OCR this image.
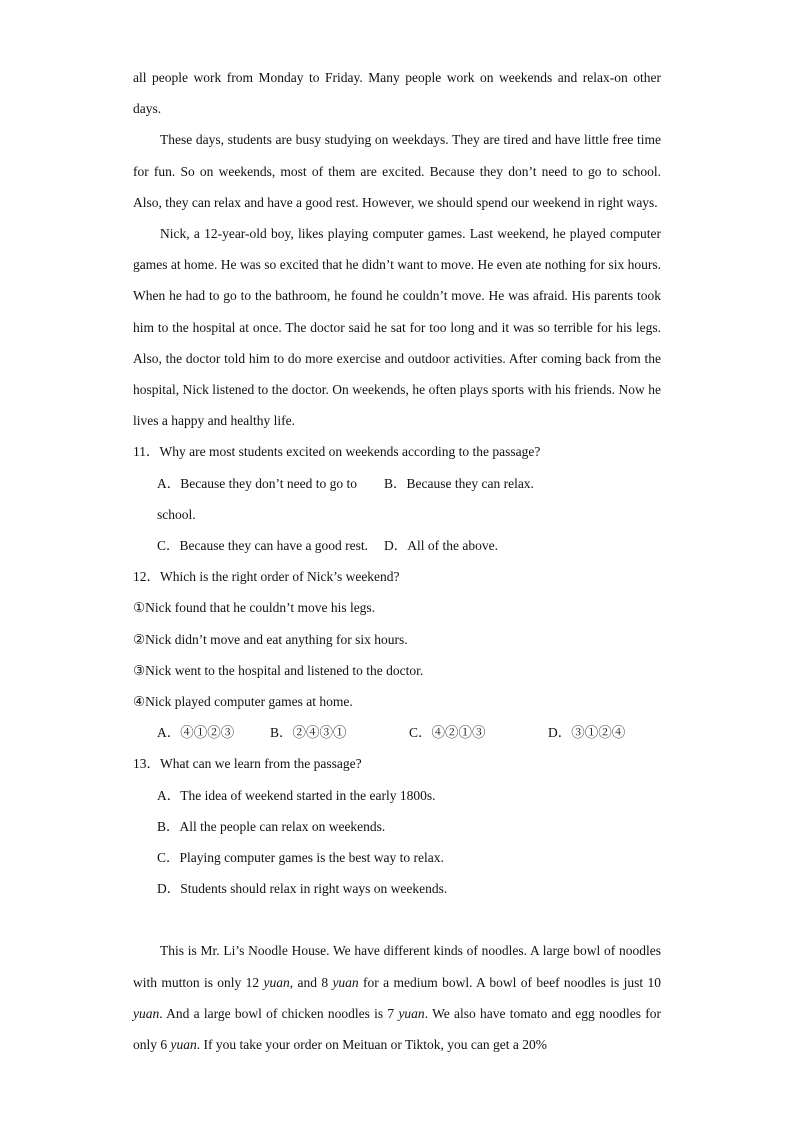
all people work from Monday to Friday. Many people work on weekends and relax-on other days.

These days, students are busy studying on weekdays. They are tired and have little free time for fun. So on weekends, most of them are excited. Because they don’t need to go to school. Also, they can relax and have a good rest. However, we should spend our weekend in right ways.

Nick, a 12-year-old boy, likes playing computer games. Last weekend, he played computer games at home. He was so excited that he didn’t want to move. He even ate nothing for six hours. When he had to go to the bathroom, he found he couldn’t move. He was afraid. His parents took him to the hospital at once. The doctor said he sat for too long and it was so terrible for his legs. Also, the doctor told him to do more exercise and outdoor activities. After coming back from the hospital, Nick listened to the doctor. On weekends, he often plays sports with his friends. Now he lives a happy and healthy life.

11．Why are most students excited on weekends according to the passage?

A．Because they don’t need to go to school.
B．Because they can relax.
C．Because they can have a good rest.	D．All of the above.

12．Which is the right order of Nick’s weekend?

①Nick found that he couldn’t move his legs.

②Nick didn’t move and eat anything for six hours.

③Nick went to the hospital and listened to the doctor.

④Nick played computer games at home.

A．④①②③	B．②④③①	C．④②①③	D．③①②④

13．What can we learn from the passage?

A．The idea of weekend started in the early 1800s.

B．All the people can relax on weekends.

C．Playing computer games is the best way to relax.

D．Students should relax in right ways on weekends.

This is Mr. Li’s Noodle House. We have different kinds of noodles. A large bowl of noodles with mutton is only 12 yuan, and 8 yuan for a medium bowl. A bowl of beef noodles is just 10 yuan. And a large bowl of chicken noodles is 7 yuan. We also have tomato and egg noodles for only 6 yuan. If you take your order on Meituan or Tiktok, you can get a 20%
